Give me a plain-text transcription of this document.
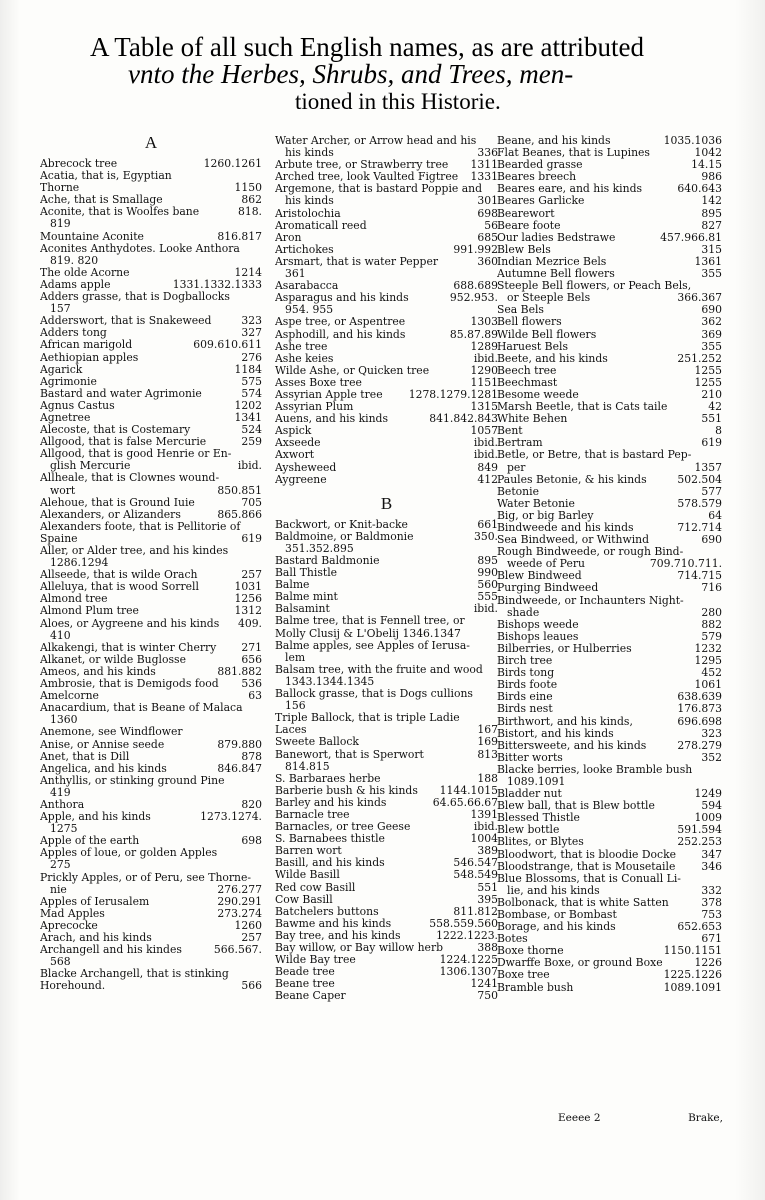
A Table of all such English names, as are attributed
vnto the Herbes, Shrubs, and Trees, men-
tioned in this Historie.
A
Abrecock tree	1260.1261
Acatia, that is, Egyptian
Thorne	1150
Ache, that is Smallage	862
Aconite, that is Woolfes bane	818.
819
Mountaine Aconite	816.817
Aconites Anthydotes. Looke Anthora
819. 820
The olde Acorne	1214
Adams apple	1331.1332.1333
Adders grasse, that is Dogballocks
157
Adderswort, that is Snakeweed	323
Adders tong	327
African marigold	609.610.611
Aethiopian apples	276
Agarick	1184
Agrimonie	575
Bastard and water Agrimonie	574
Agnus Castus	1202
Agnetree	1341
Alecoste, that is Costemary	524
Allgood, that is false Mercurie	259
Allgood, that is good Henrie or En-
glish Mercurie	ibid.
Allheale, that is Clownes wound-
wort	850.851
Alehoue, that is Ground Iuie	705
Alexanders, or Alizanders	865.866
Alexanders foote, that is Pellitorie of
Spaine	619
Aller, or Alder tree, and his kindes
1286.1294
Allseede, that is wilde Orach	257
Alleluya, that is wood Sorrell	1031
Almond tree	1256
Almond Plum tree	1312
Aloes, or Aygreene and his kinds 409.
410
Alkakengi, that is winter Cherry 271
Alkanet, or wilde Buglosse	656
Ameos, and his kinds	881.882
Ambrosie, that is Demigods food 536
Amelcorne	63
Anacardium, that is Beane of Malaca
1360
Anemone, see Windflower
Anise, or Annise seede	879.880
Anet, that is Dill	878
Angelica, and his kinds	846.847
Anthyllis, or stinking ground Pine
419
Anthora	820
Apple, and his kinds	1273.1274.
1275
Apple of the earth	698
Apples of loue, or golden Apples
275
Prickly Apples, or of Peru, see Thorne-
nie	276.277
Apples of Ierusalem	290.291
Mad Apples	273.274
Aprecocke	1260
Arach, and his kinds	257
Archangell and his kindes	566.567.
568
Blacke Archangell, that is stinking
Horehound.	566
Water Archer, or Arrow head and his
his kinds	336
Arbute tree, or Strawberry tree 1311
Arched tree, look Vaulted Figtree 1331
Argemone, that is bastard Poppie and
his kinds	301
Aristolochia	698
Aromaticall reed	56
Aron	685
Artichokes	991.992
Arsmart, that is water Pepper	360
361
Asarabacca	688.689
Asparagus and his kinds	952.953.
954. 955
Aspe tree, or Aspentree	1303
Asphodill, and his kinds	85.87.89
Ashe tree	1289
Ashe keies	ibid.
Wilde Ashe, or Quicken tree	1290
Asses Boxe tree	1151
Assyrian Apple tree 1278.1279.1281
Assyrian Plum	1315
Auens, and his kinds	841.842.843
Aspick	1057
Axseede	ibid.
Axwort	ibid.
Aysheweed	849
Aygreene	412
B
Backwort, or Knit-backe	661
Baldmoine, or Baldmonie	350.
351.352.895
Bastard Baldmonie	895
Ball Thistle	990
Balme	560
Balme mint	555
Balsamint	ibid.
Balme tree, that is Fennell tree, or
Molly Clusij & L'Obelij 1346.1347
Balme apples, see Apples of Ierusa-
lem
Balsam tree, with the fruite and wood
1343.1344.1345
Ballock grasse, that is Dogs cullions
156
Triple Ballock, that is triple Ladie
Laces	167
Sweete Ballock	169
Banewort, that is Sperwort	813
814.815
S. Barbaraes herbe	188
Barberie bush & his kinds 1144.1015
Barley and his kinds	64.65.66.67
Barnacle tree	1391
Barnacles, or tree Geese	ibid.
S. Barnabees thistle	1004
Barren wort	389
Basill, and his kinds	546.547
Wilde Basill	548.549
Red cow Basill	551
Cow Basill	395
Batchelers buttons	811.812
Bawme and his kinds	558.559.560
Bay tree, and his kinds	1222.1223.
Bay willow, or Bay willow herb	388
Wilde Bay tree	1224.1225
Beade tree	1306.1307
Beane tree	1241
Beane Caper	750
Beane, and his kinds	1035.1036
Flat Beanes, that is Lupines	1042
Bearded grasse	14.15
Beares breech	986
Beares eare, and his kinds	640.643
Beares Garlicke	142
Bearewort	895
Beare foote	827
Our ladies Bedstrawe	457.966.81
Blew Bels	315
Indian Mezrice Bels	1361
Autumne Bell flowers	355
Steeple Bell flowers, or Peach Bels,
or Steeple Bels	366.367
Sea Bels	690
Bell flowers	362
Wilde Bell flowers	369
Haruest Bels	355
Beete, and his kinds	251.252
Beech tree	1255
Beechmast	1255
Besome weede	210
Marsh Beetle, that is Cats taile	42
White Behen	551
Bent	8
Bertram	619
Betle, or Betre, that is bastard Pep-
per	1357
Paules Betonie, & his kinds	502.504
Betonie	577
Water Betonie	578.579
Big, or big Barley	64
Bindweede and his kinds	712.714
Sea Bindweed, or Withwind	690
Rough Bindweede, or rough Bind-
weede of Peru	709.710.711.
Blew Bindweed	714.715
Purging Bindweed	716
Bindweede, or Inchaunters Night-
shade	280
Bishops weede	882
Bishops leaues	579
Bilberries, or Hulberries	1232
Birch tree	1295
Birds tong	452
Birds foote	1061
Birds eine	638.639
Birds nest	176.873
Birthwort, and his kinds,	696.698
Bistort, and his kinds	323
Bittersweete, and his kinds	278.279
Bitter worts	352
Blacke berries, looke Bramble bush
1089.1091
Bladder nut	1249
Blew ball, that is Blew bottle	594
Blessed Thistle	1009
Blew bottle	591.594
Blites, or Blytes	252.253
Bloodwort, that is bloodie Docke 347
Bloodstrange, that is Mousetaile 346
Blue Blossoms, that is Conuall Li-
lie, and his kinds	332
Bolbonack, that is white Satten	378
Bombase, or Bombast	753
Borage, and his kinds	652.653
Botes	671
Boxe thorne	1150.1151
Dwarffe Boxe, or ground Boxe	1226
Boxe tree	1225.1226
Bramble bush	1089.1091
Eeeee 2	Brake,
